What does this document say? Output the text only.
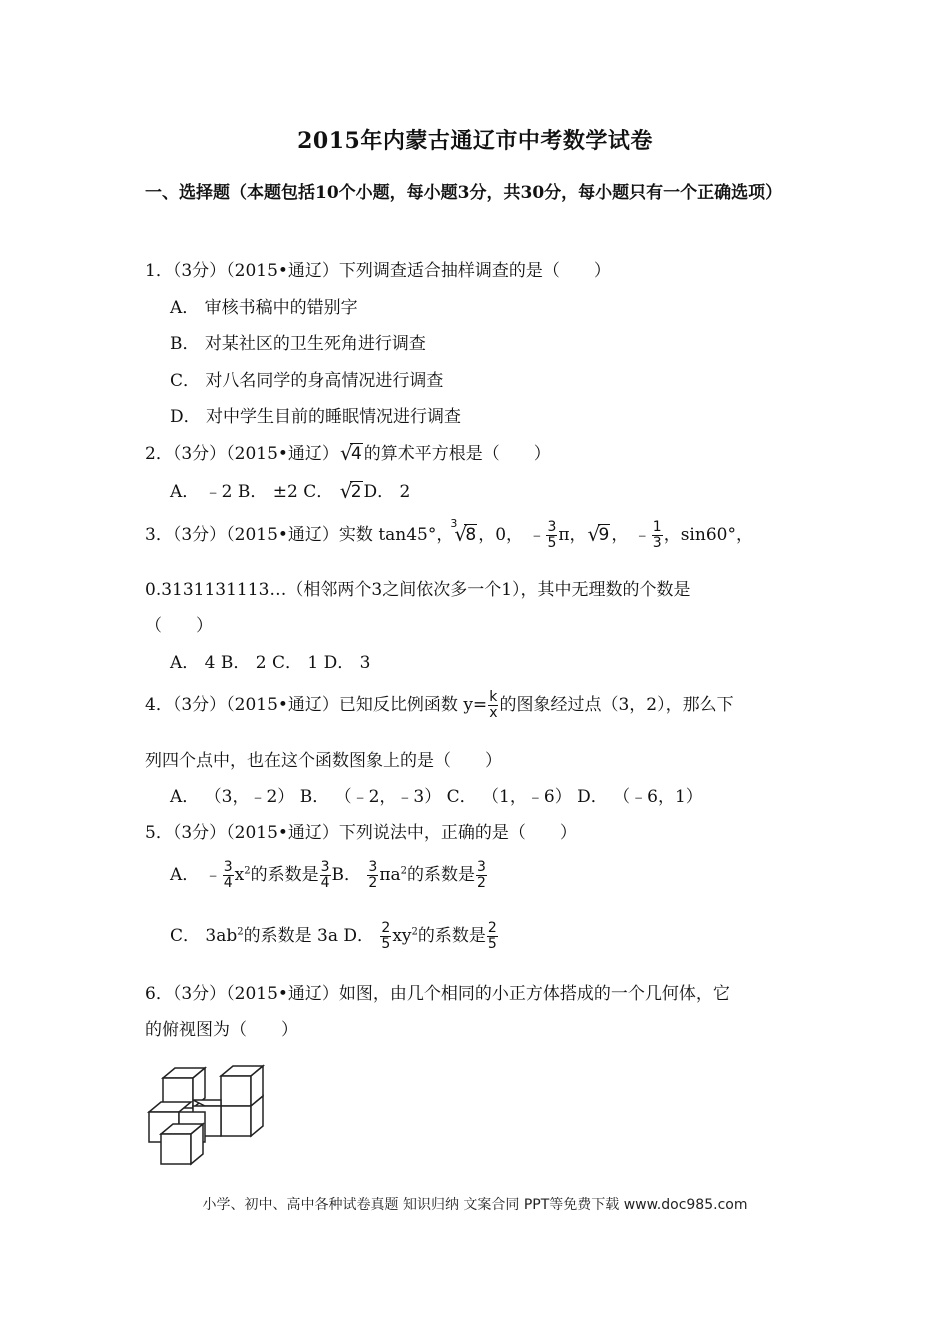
2015年内蒙古通辽市中考数学试卷
一、选择题（本题包括10个小题，每小题3分，共30分，每小题只有一个正确选项）
1．（3分）（2015•通辽）下列调查适合抽样调查的是（　　）
A． 审核书稿中的错别字
B． 对某社区的卫生死角进行调查
C． 对八名同学的身高情况进行调查
D． 对中学生目前的睡眠情况进行调查
2．（3分）（2015•通辽） √
4 的算术平方根是（　　）
A． ﹣2 B． ±2 C． √
2 D． 2
3．（3分）（2015•通辽）实数 tan45°，
3
√
8 ，0， ﹣ $\frac{3}{5}$ π， √
9 ， ﹣ $\frac{1}{3}$ ，sin60°，
0.3131131113…（相邻两个3之间依次多一个1），其中无理数的个数是
（　　）
A． 4 B． 2 C． 1 D． 3
4．（3分）（2015•通辽）已知反比例函数 $y= \frac{k}{x}$ 的图象经过点（3，2），那么下
列四个点中，也在这个函数图象上的是（　　）
A． （3，﹣2） B． （﹣2，﹣3） C． （1，﹣6） D． （﹣6，1）
5．（3分）（2015•通辽）下列说法中，正确的是（　　）
A． ﹣ $\frac{3}{4} x^2$的系数是 $\frac{3}{4}$ B． $\frac{3}{2} \pi a^2$的系数是 $\frac{3}{2}$
C． $3ab^2$的系数是 3a D． $\frac{2}{5} xy^2$的系数是 $\frac{2}{5}$
6．（3分）（2015•通辽）如图，由几个相同的小正方体搭成的一个几何体，它
的俯视图为（　　）
小学、初中、高中各种试卷真题 知识归纳 文案合同 PPT等免费下载 www.doc985.com
